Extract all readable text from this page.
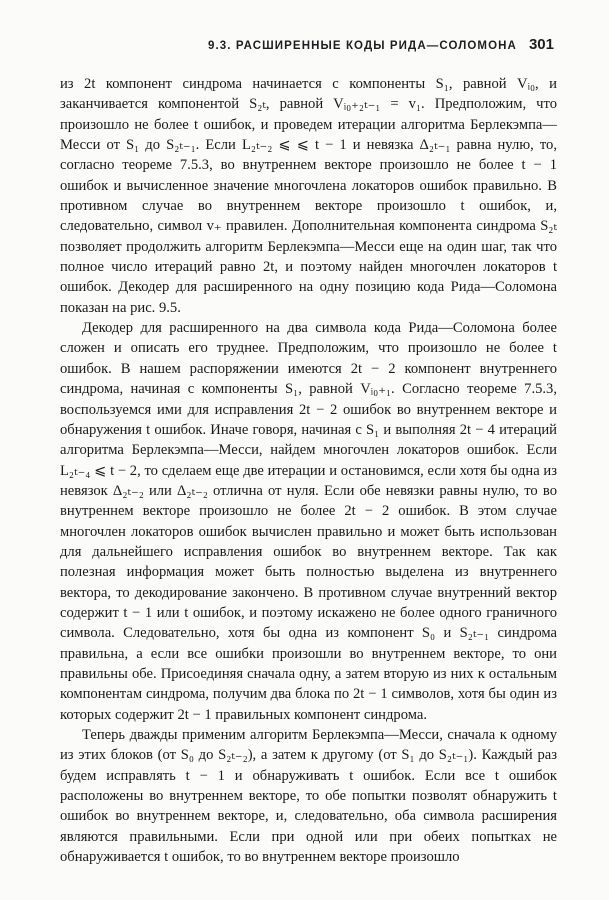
9.3. РАСШИРЕННЫЕ КОДЫ РИДА—СОЛОМОНА 301

из 2t компонент синдрома начинается с компоненты S₁, равной Vᵢ₀, и заканчивается компонентой S₂ₜ, равной Vᵢ₀₊₂ₜ₋₁ = v₁. Предположим, что произошло не более t ошибок, и проведем итерации алгоритма Берлекэмпа—Месси от S₁ до S₂ₜ₋₁. Если L₂ₜ₋₂ ⩽ ⩽ t − 1 и невязка Δ₂ₜ₋₁ равна нулю, то, согласно теореме 7.5.3, во внутреннем векторе произошло не более t − 1 ошибок и вычисленное значение многочлена локаторов ошибок правильно. В противном случае во внутреннем векторе произошло t ошибок, и, следовательно, символ v₊ правилен. Дополнительная компонента синдрома S₂ₜ позволяет продолжить алгоритм Берлекэмпа—Месси еще на один шаг, так что полное число итераций равно 2t, и поэтому найден многочлен локаторов t ошибок. Декодер для расширенного на одну позицию кода Рида—Соломона показан на рис. 9.5.

Декодер для расширенного на два символа кода Рида—Соломона более сложен и описать его труднее. Предположим, что произошло не более t ошибок. В нашем распоряжении имеются 2t − 2 компонент внутреннего синдрома, начиная с компоненты S₁, равной Vᵢ₀₊₁. Согласно теореме 7.5.3, воспользуемся ими для исправления 2t − 2 ошибок во внутреннем векторе и обнаружения t ошибок. Иначе говоря, начиная с S₁ и выполняя 2t − 4 итераций алгоритма Берлекэмпа—Месси, найдем многочлен локаторов ошибок. Если L₂ₜ₋₄ ⩽ t − 2, то сделаем еще две итерации и остановимся, если хотя бы одна из невязок Δ₂ₜ₋₂ или Δ₂ₜ₋₂ отлична от нуля. Если обе невязки равны нулю, то во внутреннем векторе произошло не более 2t − 2 ошибок. В этом случае многочлен локаторов ошибок вычислен правильно и может быть использован для дальнейшего исправления ошибок во внутреннем векторе. Так как полезная информация может быть полностью выделена из внутреннего вектора, то декодирование закончено. В противном случае внутренний вектор содержит t − 1 или t ошибок, и поэтому искажено не более одного граничного символа. Следовательно, хотя бы одна из компонент S₀ и S₂ₜ₋₁ синдрома правильна, а если все ошибки произошли во внутреннем векторе, то они правильны обе. Присоединяя сначала одну, а затем вторую из них к остальным компонентам синдрома, получим два блока по 2t − 1 символов, хотя бы один из которых содержит 2t − 1 правильных компонент синдрома.

Теперь дважды применим алгоритм Берлекэмпа—Месси, сначала к одному из этих блоков (от S₀ до S₂ₜ₋₂), а затем к другому (от S₁ до S₂ₜ₋₁). Каждый раз будем исправлять t − 1 и обнаруживать t ошибок. Если все t ошибок расположены во внутреннем векторе, то обе попытки позволят обнаружить t ошибок во внутреннем векторе, и, следовательно, оба символа расширения являются правильными. Если при одной или при обеих попытках не обнаруживается t ошибок, то во внутреннем векторе произошло
